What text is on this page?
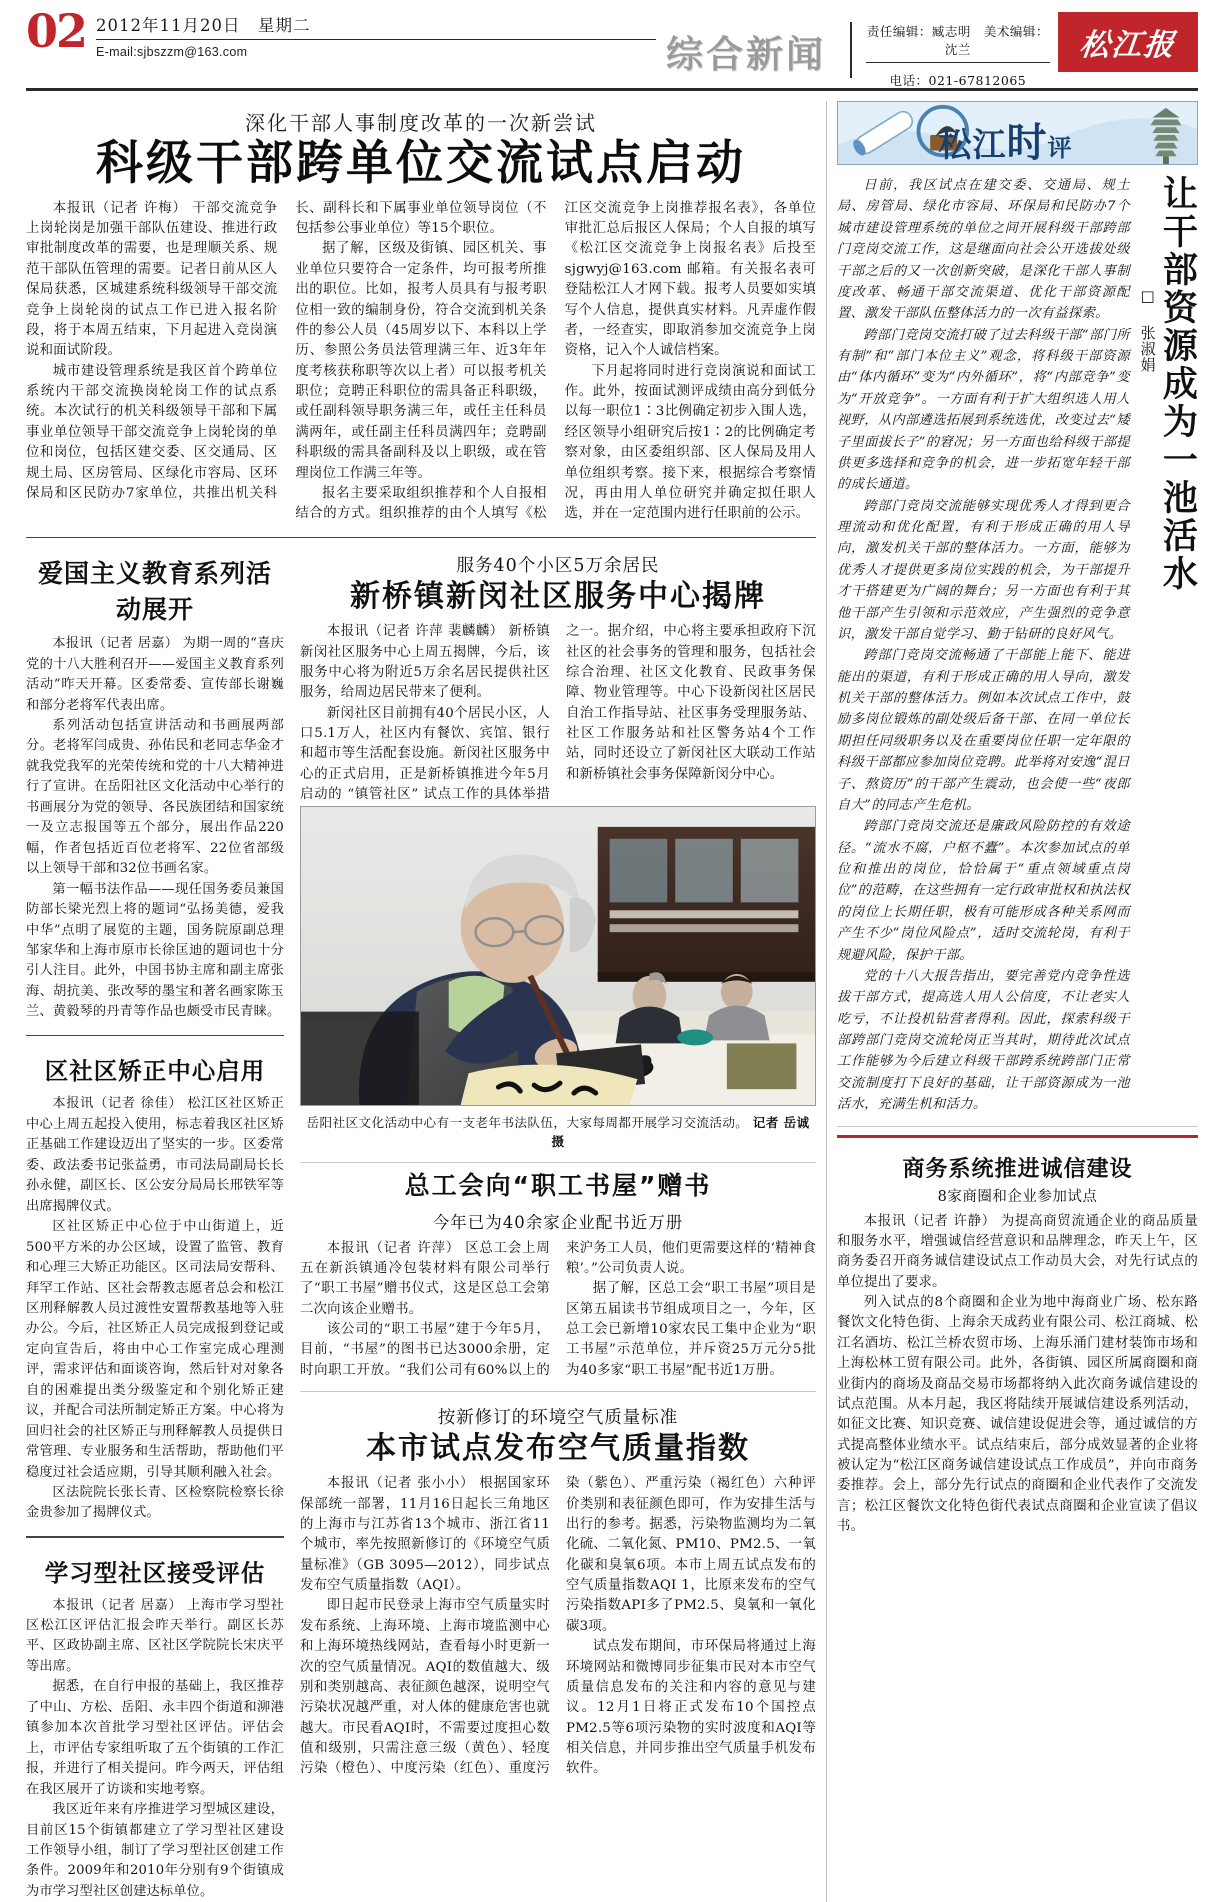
02 2012年11月20日　星期二
E-mail:sjbszzm@163.com	综合新闻
责任编辑：臧志明　美术编辑：沈兰
电话：021-67812065
松江报
深化干部人事制度改革的一次新尝试
科级干部跨单位交流试点启动

本报讯（记者 许梅） 干部交流竞争上岗轮岗是加强干部队伍建设、推进行政审批制度改革的需要，也是理顺关系、规范干部队伍管理的需要。记者日前从区人保局获悉，区城建系统科级领导干部交流竞争上岗轮岗的试点工作已进入报名阶段，将于本周五结束，下月起进入竞岗演说和面试阶段。

城市建设管理系统是我区首个跨单位系统内干部交流换岗轮岗工作的试点系统。本次试行的机关科级领导干部和下属事业单位领导干部交流竞争上岗轮岗的单位和岗位，包括区建交委、区交通局、区规土局、区房管局、区绿化市容局、区环保局和区民防办7家单位，共推出机关科长、副科长和下属事业单位领导岗位（不包括参公事业单位）等15个职位。

据了解，区级及街镇、园区机关、事业单位只要符合一定条件，均可报考所推出的职位。比如，报考人员具有与报考职位相一致的编制身份，符合交流到机关条件的参公人员（45周岁以下、本科以上学历、参照公务员法管理满三年、近3年年度考核获称职等次以上者）可以报考机关职位；竞聘正科职位的需具备正科职级，或任副科领导职务满三年，或任主任科员满两年，或任副主任科员满四年；竞聘副科职级的需具备副科及以上职级，或在管理岗位工作满三年等。

报名主要采取组织推荐和个人自报相结合的方式。组织推荐的由个人填写《松江区交流竞争上岗推荐报名表》，各单位审批汇总后报区人保局；个人自报的填写《松江区交流竞争上岗报名表》后投至 sjgwyj@163.com 邮箱。有关报名表可登陆松江人才网下载。报考人员要如实填写个人信息，提供真实材料。凡弄虚作假者，一经查实，即取消参加交流竞争上岗资格，记入个人诚信档案。

下月起将同时进行竞岗演说和面试工作。此外，按面试测评成绩由高分到低分以每一职位1∶3比例确定初步入围人选，经区领导小组研究后按1∶2的比例确定考察对象，由区委组织部、区人保局及用人单位组织考察。接下来，根据综合考察情况，再由用人单位研究并确定拟任职人选，并在一定范围内进行任职前的公示。

爱国主义教育系列活动展开

本报讯（记者 居嘉） 为期一周的“喜庆党的十八大胜利召开——爱国主义教育系列活动”昨天开幕。区委常委、宣传部长谢巍和部分老将军代表出席。

系列活动包括宣讲活动和书画展两部分。老将军闫成贵、孙佑民和老同志华金才就我党我军的光荣传统和党的十八大精神进行了宣讲。在岳阳社区文化活动中心举行的书画展分为党的领导、各民族团结和国家统一及立志报国等五个部分，展出作品220幅，作者包括近百位老将军、22位省部级以上领导干部和32位书画名家。

第一幅书法作品——现任国务委员兼国防部长梁光烈上将的题词“弘扬美德，爱我中华”点明了展览的主题，国务院原副总理邹家华和上海市原市长徐匡迪的题词也十分引人注目。此外，中国书协主席和副主席张海、胡抗美、张改琴的墨宝和著名画家陈玉兰、黄毅琴的丹青等作品也颇受市民青睐。

区社区矫正中心启用

本报讯（记者 徐佳） 松江区社区矫正中心上周五起投入使用，标志着我区社区矫正基础工作建设迈出了坚实的一步。区委常委、政法委书记张益勇，市司法局副局长长孙永健，副区长、区公安分局局长邢铁军等出席揭牌仪式。

区社区矫正中心位于中山街道上，近500平方米的办公区域，设置了监管、教育和心理三大矫正功能区。区司法局安帮科、拜罕工作站、区社会帮教志愿者总会和松江区刑释解教人员过渡性安置帮教基地等入驻办公。今后，社区矫正人员完成报到登记或定向宣告后，将由中心工作室完成心理测评，需求评估和面谈咨询，然后针对对象各自的困难提出类分级鉴定和个别化矫正建议，并配合司法所制定矫正方案。中心将为回归社会的社区矫正与刑释解教人员提供日常管理、专业服务和生活帮助，帮助他们平稳度过社会适应期，引导其顺利融入社会。

区法院院长张长青、区检察院检察长徐金贵参加了揭牌仪式。

学习型社区接受评估

本报讯（记者 居嘉） 上海市学习型社区松江区评估汇报会昨天举行。副区长苏平、区政协副主席、区社区学院院长宋庆平等出席。

据悉，在自行申报的基础上，我区推荐了中山、方松、岳阳、永丰四个街道和泖港镇参加本次首批学习型社区评估。评估会上，市评估专家组听取了五个街镇的工作汇报，并进行了相关提问。昨今两天，评估组在我区展开了访谈和实地考察。

我区近年来有序推进学习型城区建设，目前区15个街镇都建立了学习型社区建设工作领导小组，制订了学习型社区创建工作条件。2009年和2010年分别有9个街镇成为市学习型社区创建达标单位。

服务40个小区5万余居民
新桥镇新闵社区服务中心揭牌

本报讯（记者 许萍 裴麟麟） 新桥镇新闵社区服务中心上周五揭牌，今后，该服务中心将为附近5万余名居民提供社区服务，给周边居民带来了便利。

新闵社区目前拥有40个居民小区，人口5.1万人，社区内有餐饮、宾馆、银行和超市等生活配套设施。新闵社区服务中心的正式启用，正是新桥镇推进今年5月启动的 “镇管社区” 试点工作的具体举措之一。据介绍，中心将主要承担政府下沉社区的社会事务的管理和服务，包括社会综合治理、社区文化教育、民政事务保障、物业管理等。中心下设新闵社区居民自治工作指导站、社区事务受理服务站、社区工作服务站和社区警务站4个工作站，同时还设立了新闵社区大联动工作站和新桥镇社会事务保障新闵分中心。

岳阳社区文化活动中心有一支老年书法队伍，大家每周都开展学习交流活动。 记者 岳诚 摄
总工会向“职工书屋”赠书
今年已为40余家企业配书近万册

本报讯（记者 许萍） 区总工会上周五在新浜镇通冷包装材料有限公司举行了“职工书屋”赠书仪式，这是区总工会第二次向该企业赠书。

该公司的“职工书屋”建于今年5月，目前，“书屋”的图书已达3000余册，定时向职工开放。“我们公司有60%以上的来沪务工人员，他们更需要这样的‘精神食粮’。”公司负责人说。

据了解，区总工会“职工书屋”项目是区第五届读书节组成项目之一，今年，区总工会已新增10家农民工集中企业为“职工书屋”示范单位，并斥资25万元分5批为40多家“职工书屋”配书近1万册。

按新修订的环境空气质量标准
本市试点发布空气质量指数

本报讯（记者 张小小） 根据国家环保部统一部署，11月16日起长三角地区的上海市与江苏省13个城市、浙江省11个城市，率先按照新修订的《环境空气质量标准》（GB 3095—2012），同步试点发布空气质量指数（AQI）。

即日起市民登录上海市空气质量实时发布系统、上海环境、上海市境监测中心和上海环境热线网站，查看每小时更新一次的空气质量情况。AQI的数值越大、级别和类别越高、表征颜色越深，说明空气污染状况越严重，对人体的健康危害也就越大。市民看AQI时，不需要过度担心数值和级别，只需注意三级（黄色）、轻度污染（橙色）、中度污染（红色）、重度污染（紫色）、严重污染（褐红色）六种评价类别和表征颜色即可，作为安排生活与出行的参考。据悉，污染物监测均为二氧化硫、二氧化氮、PM10、PM2.5、一氧化碳和臭氧6项。本市上周五试点发布的空气质量指数AQI 1，比原来发布的空气污染指数API多了PM2.5、臭氧和一氧化碳3项。

试点发布期间，市环保局将通过上海环境网站和微博同步征集市民对本市空气质量信息发布的关注和内容的意见与建议。12月1日将正式发布10个国控点PM2.5等6项污染物的实时波度和AQI等相关信息，并同步推出空气质量手机发布软件。

松江时评

日前，我区试点在建交委、交通局、规土局、房管局、绿化市容局、环保局和民防办7个城市建设管理系统的单位之间开展科级干部跨部门竞岗交流工作，这是继面向社会公开选拔处级干部之后的又一次创新突破，是深化干部人事制度改革、畅通干部交流渠道、优化干部资源配置、激发干部队伍整体活力的一次有益探索。

跨部门竞岗交流打破了过去科级干部“部门所有制”和“部门本位主义”观念，将科级干部资源由“体内循环”变为“内外循环”，将“内部竞争”变为“开放竞争”。一方面有利于扩大组织选人用人视野，从内部遴选拓展到系统选优，改变过去“矮子里面拔长子”的窘况；另一方面也给科级干部提供更多选择和竞争的机会，进一步拓宽年轻干部的成长通道。

跨部门竞岗交流能够实现优秀人才得到更合理流动和优化配置，有利于形成正确的用人导向，激发机关干部的整体活力。一方面，能够为优秀人才提供更多岗位实践的机会，为干部提升才干搭建更为广阔的舞台；另一方面也有利于其他干部产生引领和示范效应，产生强烈的竞争意识，激发干部自觉学习、勤于钻研的良好风气。

跨部门竞岗交流畅通了干部能上能下、能进能出的渠道，有利于形成正确的用人导向，激发机关干部的整体活力。例如本次试点工作中，鼓励多岗位锻炼的副处级后备干部、在同一单位长期担任同级职务以及在重要岗位任职一定年限的科级干部都应参加岗位竞聘。此举将对安逸“混日子、熬资历”的干部产生震动，也会使一些“夜郎自大”的同志产生危机。

跨部门竞岗交流还是廉政风险防控的有效途径。“流水不腐，户枢不蠹”。本次参加试点的单位和推出的岗位，恰恰属于“重点领域重点岗位”的范畴，在这些拥有一定行政审批权和执法权的岗位上长期任职，极有可能形成各种关系网而产生不少“岗位风险点”，适时交流轮岗，有利于规避风险，保护干部。

党的十八大报告指出，要完善党内竞争性选拔干部方式，提高选人用人公信度，不让老实人吃亏，不让投机钻营者得利。因此，探索科级干部跨部门竞岗交流轮岗正当其时，期待此次试点工作能够为今后建立科级干部跨系统跨部门正常交流制度打下良好的基础，让干部资源成为一池活水，充满生机和活力。

□ 张淑娟 让干部资源成为一池活水
商务系统推进诚信建设
8家商圈和企业参加试点

本报讯（记者 许静） 为提高商贸流通企业的商品质量和服务水平，增强诚信经营意识和品牌理念，昨天上午，区商务委召开商务诚信建设试点工作动员大会，对先行试点的单位提出了要求。

列入试点的8个商圈和企业为地中海商业广场、松东路餐饮文化特色街、上海余天成药业有限公司、松江商城、松江名酒坊、松江兰桥农贸市场、上海乐涌门建材装饰市场和上海松林工贸有限公司。此外，各街镇、园区所属商圈和商业街内的商场及商品交易市场都将纳入此次商务诚信建设的试点范围。从本月起，我区将陆续开展诚信建设系列活动，如征文比赛、知识竞赛、诚信建设促进会等，通过诚信的方式提高整体业绩水平。试点结束后，部分成效显著的企业将被认定为“松江区商务诚信建设试点工作成员”，并向市商务委推荐。会上，部分先行试点的商圈和企业代表作了交流发言；松江区餐饮文化特色街代表试点商圈和企业宣读了倡议书。
